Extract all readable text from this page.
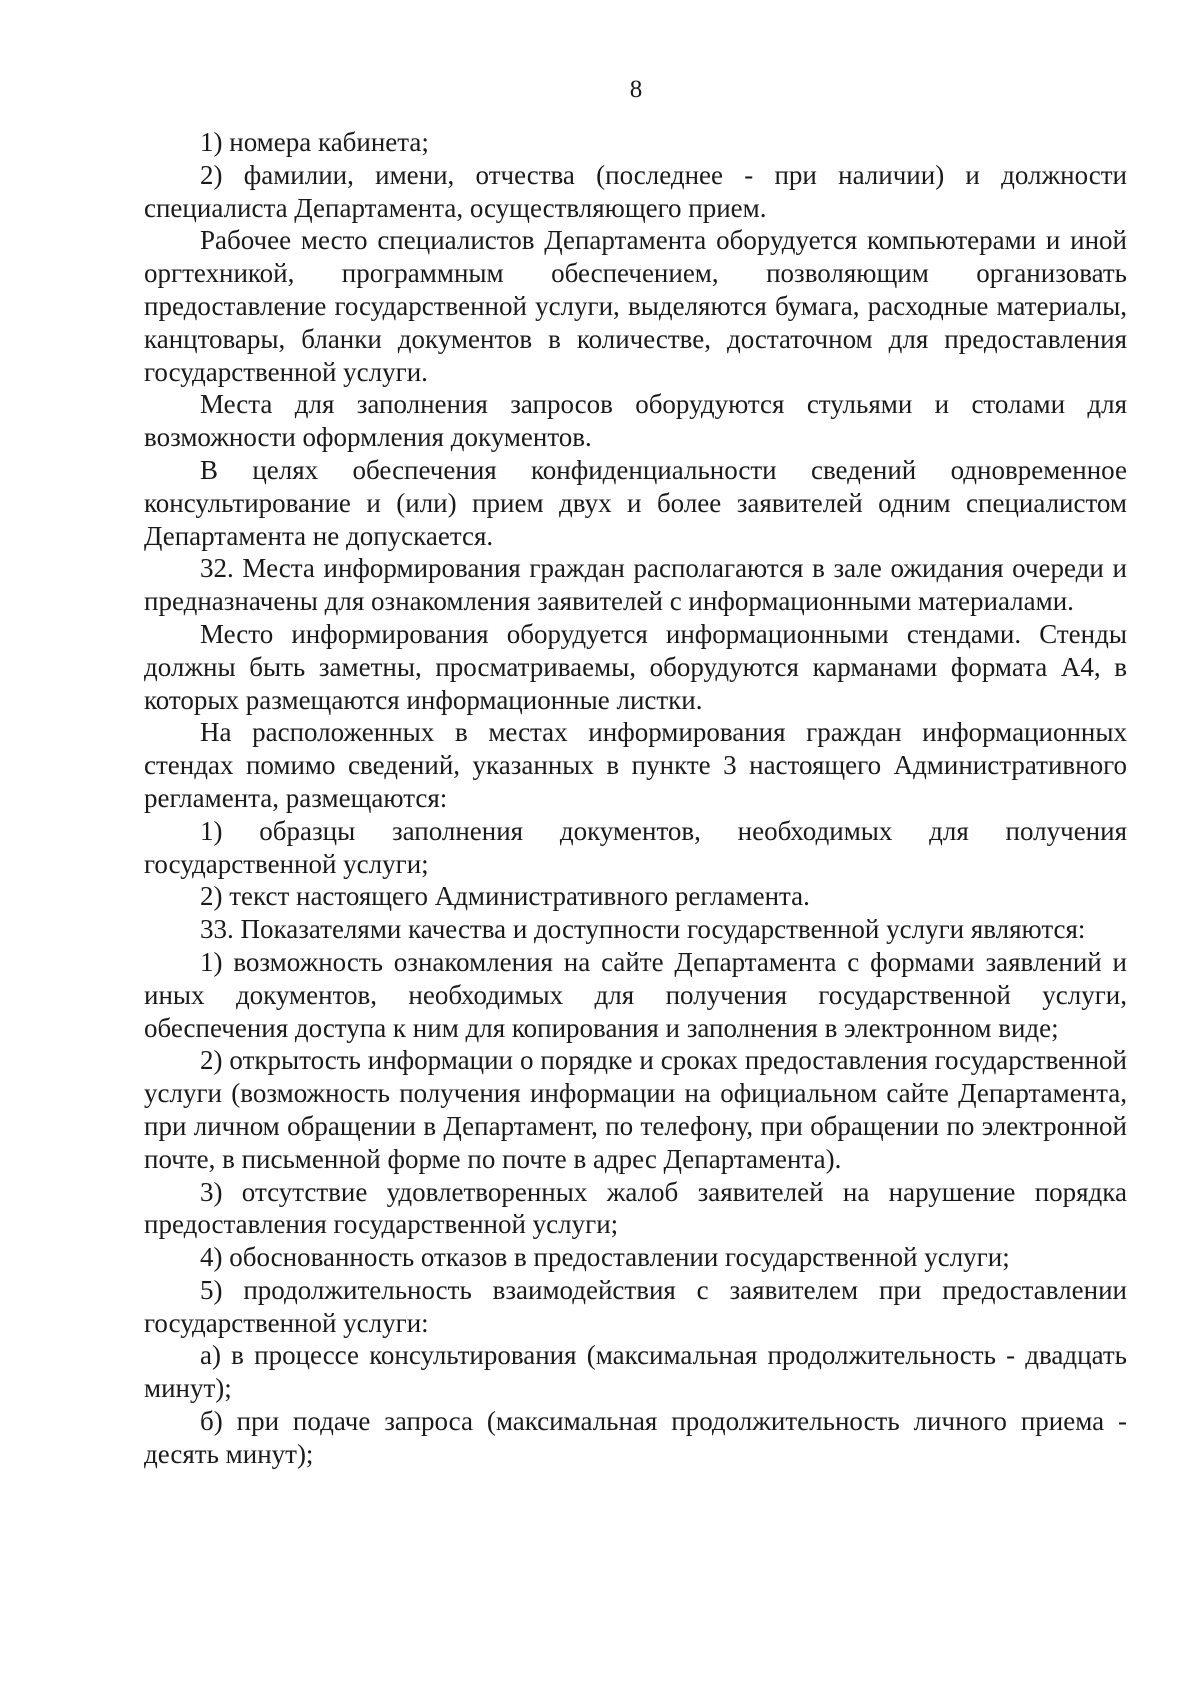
8

1) номера кабинета;

2) фамилии, имени, отчества (последнее - при наличии) и должности специалиста Департамента, осуществляющего прием.

Рабочее место специалистов Департамента оборудуется компьютерами и иной оргтехникой, программным обеспечением, позволяющим организовать предоставление государственной услуги, выделяются бумага, расходные материалы, канцтовары, бланки документов в количестве, достаточном для предоставления государственной услуги.

Места для заполнения запросов оборудуются стульями и столами для возможности оформления документов.

В целях обеспечения конфиденциальности сведений одновременное консультирование и (или) прием двух и более заявителей одним специалистом Департамента не допускается.

32. Места информирования граждан располагаются в зале ожидания очереди и предназначены для ознакомления заявителей с информационными материалами.

Место информирования оборудуется информационными стендами. Стенды должны быть заметны, просматриваемы, оборудуются карманами формата А4, в которых размещаются информационные листки.

На расположенных в местах информирования граждан информационных стендах помимо сведений, указанных в пункте 3 настоящего Административного регламента, размещаются:

1) образцы заполнения документов, необходимых для получения государственной услуги;

2) текст настоящего Административного регламента.

33. Показателями качества и доступности государственной услуги являются:

1) возможность ознакомления на сайте Департамента с формами заявлений и иных документов, необходимых для получения государственной услуги, обеспечения доступа к ним для копирования и заполнения в электронном виде;

2) открытость информации о порядке и сроках предоставления государственной услуги (возможность получения информации на официальном сайте Департамента, при личном обращении в Департамент, по телефону, при обращении по электронной почте, в письменной форме по почте в адрес Департамента).

3) отсутствие удовлетворенных жалоб заявителей на нарушение порядка предоставления государственной услуги;

4) обоснованность отказов в предоставлении государственной услуги;

5) продолжительность взаимодействия с заявителем при предоставлении государственной услуги:

а) в процессе консультирования (максимальная продолжительность - двадцать минут);

б) при подаче запроса (максимальная продолжительность личного приема - десять минут);
